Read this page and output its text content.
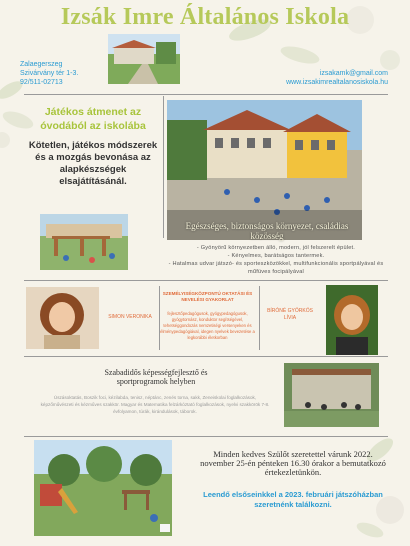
Izsák Imre Általános Iskola
Zalaegerszeg
Szivárvány tér 1-3.
92/511-02713
izsakamk@gmail.com
www.izsakimrealtalanosiskola.hu
Játékos átmenet az óvodából az iskolába
Kötetlen, játékos módszerek és a mozgás bevonása az alapkészségek elsajátításánál.
Egészséges, biztonságos környezet, családias közösség
- Gyönyörű környezetben álló, modern, jól felszerelt épület.
- Kényelmes, barátságos tantermek.
- Hatalmas udvar játszó- és sporteszközökkel, multifunkcionális sportpályával és műfüves focipályával
SIMON VERONIKA
SZEMÉLYISÉGKÖZPONTÚ OKTATÁSI ÉS NEVELÉSI GYAKORLAT
fejlesztőpedagógusok, gyógypedagógusok, gyógytornász, konduktor segítségével, tehetséggondozás nemzetiségi versenyeken és élménypedagógiával, idegen nyelvek bevezetése a legkorábbi életkorban
BÍRÓNÉ GYŐRKÖS LÍVIA
Szabadidős képességfejlesztő és sportprogramok helyben
Úszásoktatás, Boszik foci, kézilabda, tenisz, néptánc, zenés torna, sakk, Zeneiskolai foglalkozások, képzőművészeti és kézműves szakkör. Magyar és Matematika felzárkóztató foglalkozások, nyelvi szakkörök 7-8. évfolyamon, túrák, kirándulások, táborok.
Minden kedves Szülőt szeretettel várunk 2022. november 25-én pénteken 16.30 órakor a bemutatkozó értekezletünkön.
Leendő elsőseinkkel a 2023. februári játszóházban szeretnénk találkozni.
